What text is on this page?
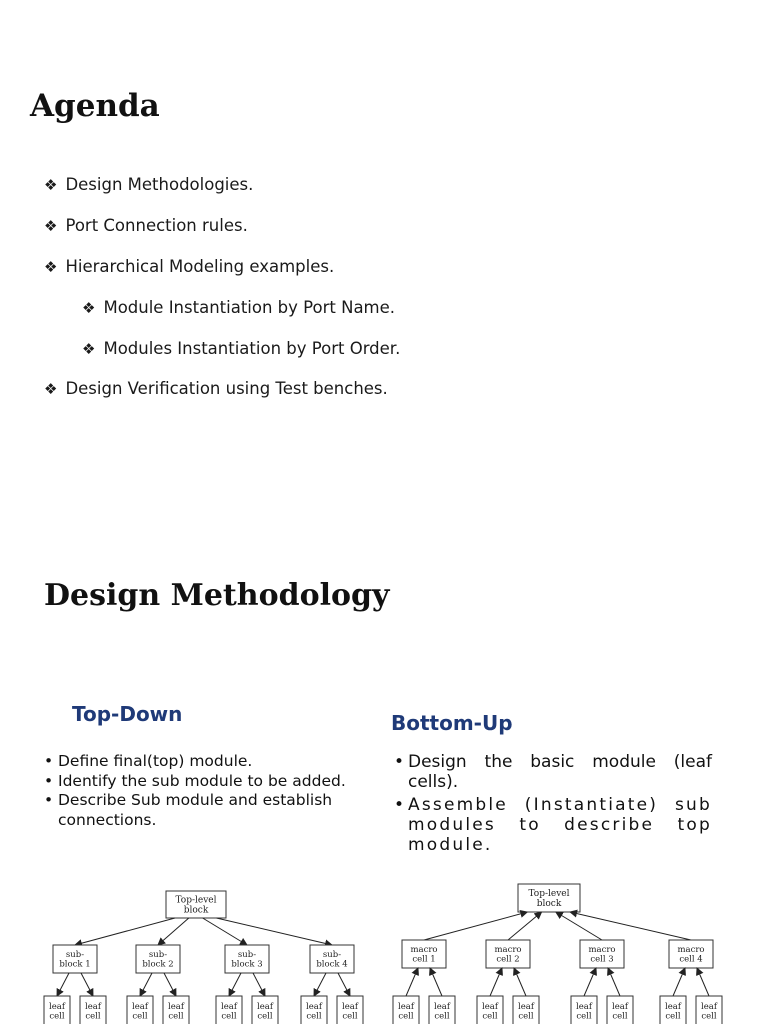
Agenda
❖ Design Methodologies.
❖ Port Connection rules.
❖ Hierarchical Modeling examples.
❖ Module Instantiation by Port Name.
❖ Modules Instantiation by Port Order.
❖ Design Verification using Test benches.
Design Methodology
Top-Down	Bottom-Up
• Define final(top) module.
• Identify the sub module to be added.
• Describe Sub module and establish connections.
• Design the basic module (leaf cells).
• Assemble (Instantiate) sub modules to describe top module.
Top-level
block
sub-
block 1
leaf
cell
leaf
cell
sub-
block 2
leaf
cell
leaf
cell
sub-
block 3
leaf
cell
leaf
cell
sub-
block 4
leaf
cell
leaf
cell
Top-level
block
macro
cell 1
leaf
cell
leaf
cell
macro
cell 2
leaf
cell
leaf
cell
macro
cell 3
leaf
cell
leaf
cell
macro
cell 4
leaf
cell
leaf
cell
